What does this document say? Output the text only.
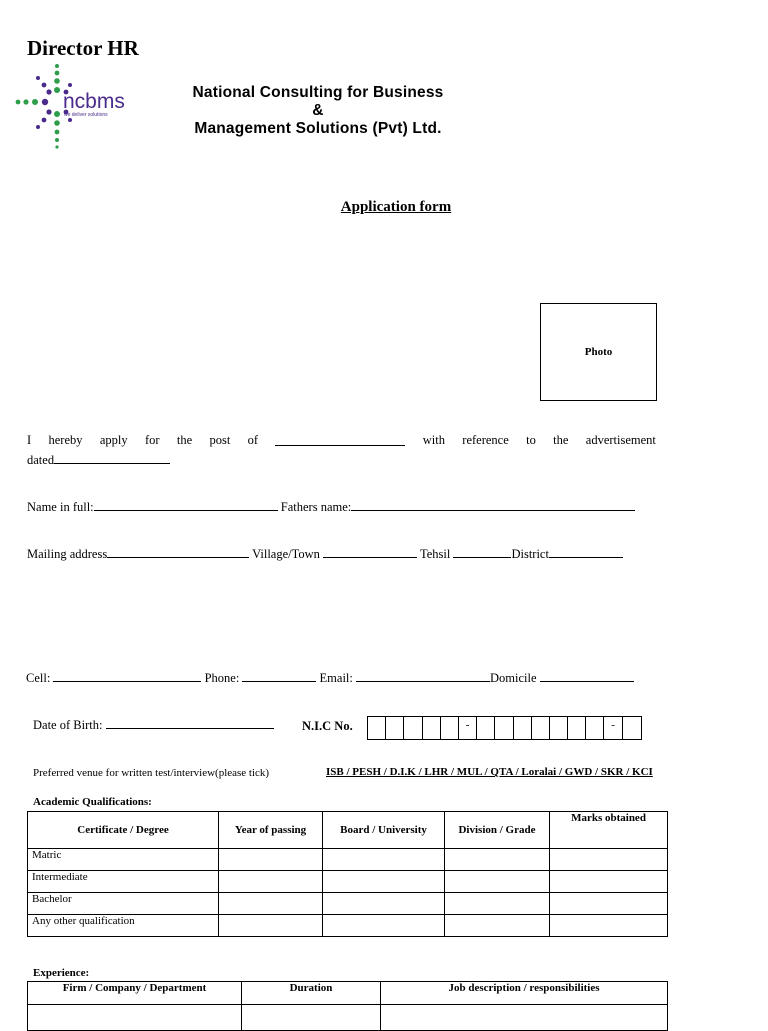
Director HR
ncbms
we deliver solutions
National Consulting for Business
&
Management Solutions (Pvt) Ltd.
Application form
Photo
I hereby apply for the post of	with reference to the advertisement
dated
Name in full:	Fathers name:
Mailing address	Village/Town	Tehsil	District
Cell:	Phone:	Email:	Domicile
Date of Birth:	N.I.C No.	-	-
Preferred venue for written test/interview(please tick)	ISB / PESH / D.I.K / LHR / MUL / QTA / Loralai / GWD / SKR / KCI
Academic Qualifications:
Certificate / Degree	Year of passing	Board / University	Division / Grade	Marks obtained
Matric				
Intermediate				
Bachelor				
Any other qualification				
Experience:
Firm / Company / Department	Duration	Job description / responsibilities
